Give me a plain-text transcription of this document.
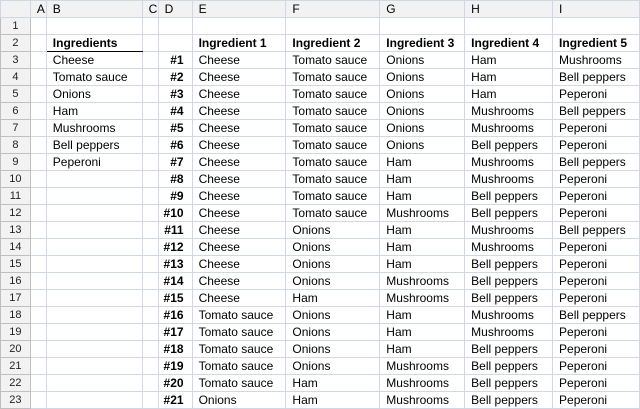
	A	B	C	D	E	F	G	H	I
1									
2		Ingredients			Ingredient 1	Ingredient 2	Ingredient 3	Ingredient 4	Ingredient 5
3		Cheese		#1	Cheese	Tomato sauce	Onions	Ham	Mushrooms
4		Tomato sauce		#2	Cheese	Tomato sauce	Onions	Ham	Bell peppers
5		Onions		#3	Cheese	Tomato sauce	Onions	Ham	Peperoni
6		Ham		#4	Cheese	Tomato sauce	Onions	Mushrooms	Bell peppers
7		Mushrooms		#5	Cheese	Tomato sauce	Onions	Mushrooms	Peperoni
8		Bell peppers		#6	Cheese	Tomato sauce	Onions	Bell peppers	Peperoni
9		Peperoni		#7	Cheese	Tomato sauce	Ham	Mushrooms	Bell peppers
10				#8	Cheese	Tomato sauce	Ham	Mushrooms	Peperoni
11				#9	Cheese	Tomato sauce	Ham	Bell peppers	Peperoni
12				#10	Cheese	Tomato sauce	Mushrooms	Bell peppers	Peperoni
13				#11	Cheese	Onions	Ham	Mushrooms	Bell peppers
14				#12	Cheese	Onions	Ham	Mushrooms	Peperoni
15				#13	Cheese	Onions	Ham	Bell peppers	Peperoni
16				#14	Cheese	Onions	Mushrooms	Bell peppers	Peperoni
17				#15	Cheese	Ham	Mushrooms	Bell peppers	Peperoni
18				#16	Tomato sauce	Onions	Ham	Mushrooms	Bell peppers
19				#17	Tomato sauce	Onions	Ham	Mushrooms	Peperoni
20				#18	Tomato sauce	Onions	Ham	Bell peppers	Peperoni
21				#19	Tomato sauce	Onions	Mushrooms	Bell peppers	Peperoni
22				#20	Tomato sauce	Ham	Mushrooms	Bell peppers	Peperoni
23				#21	Onions	Ham	Mushrooms	Bell peppers	Peperoni
